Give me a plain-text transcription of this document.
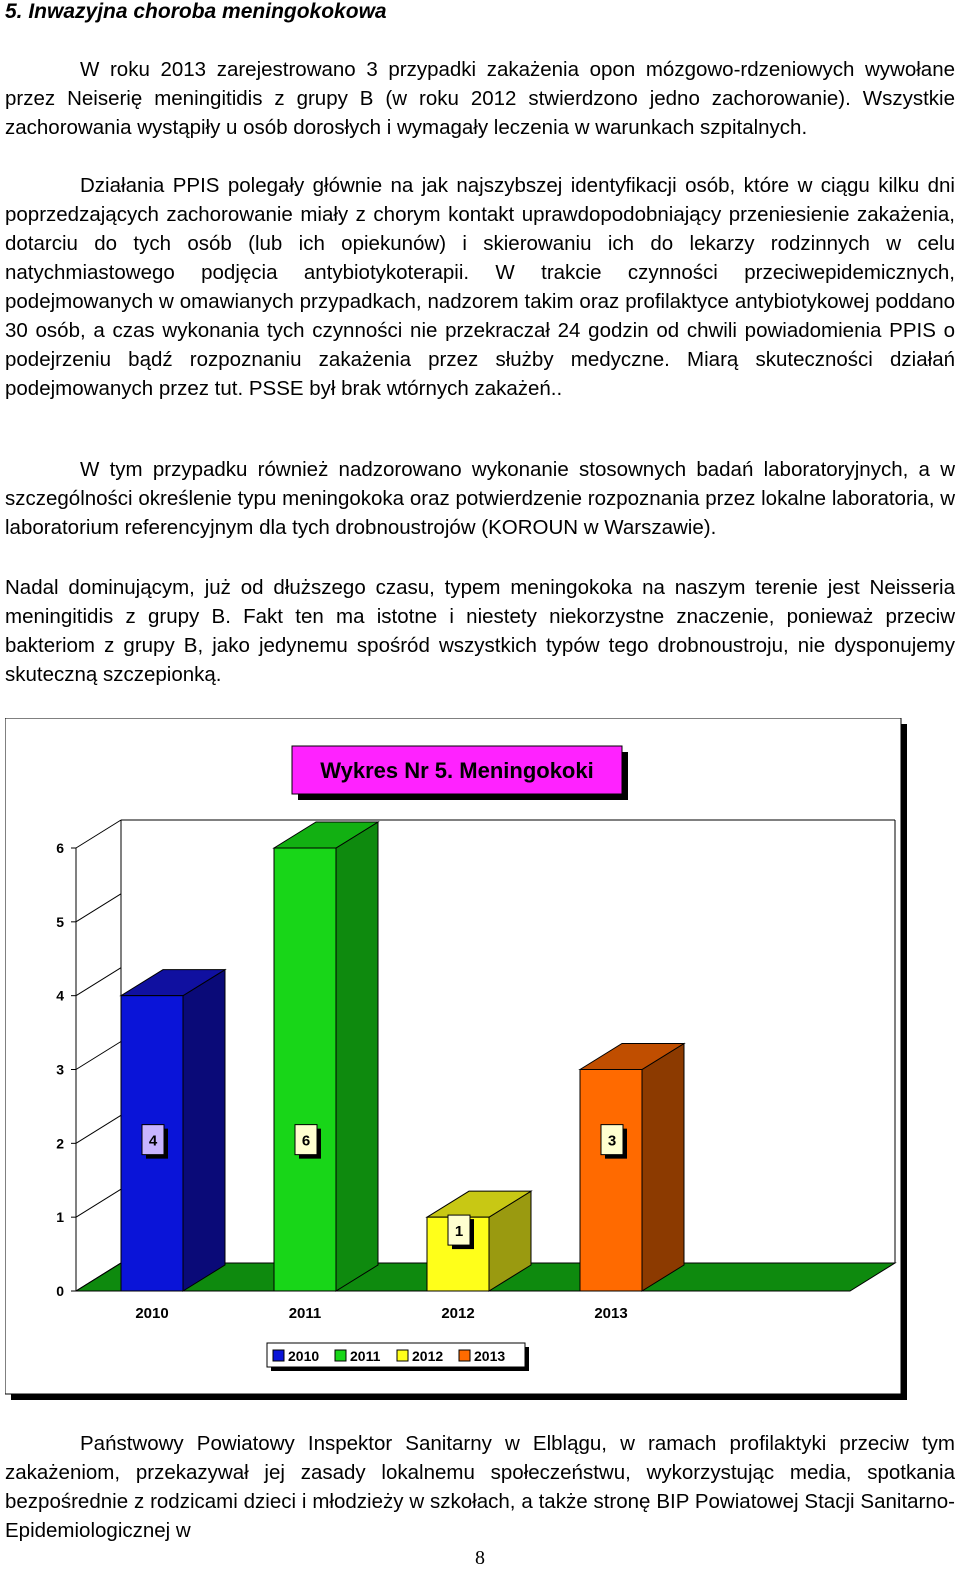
5. Inwazyjna choroba meningokokowa

W roku 2013 zarejestrowano 3 przypadki zakażenia opon mózgowo-rdzeniowych wywołane przez Neiserię meningitidis z grupy B (w roku 2012 stwierdzono jedno zachorowanie). Wszystkie zachorowania wystąpiły u osób dorosłych i wymagały leczenia w warunkach szpitalnych.

Działania PPIS polegały głównie na jak najszybszej identyfikacji osób, które w ciągu kilku dni poprzedzających zachorowanie miały z chorym kontakt uprawdopodobniający przeniesienie zakażenia, dotarciu do tych osób (lub ich opiekunów) i skierowaniu ich do lekarzy rodzinnych w celu natychmiastowego podjęcia antybiotykoterapii. W trakcie czynności przeciwepidemicznych, podejmowanych w omawianych przypadkach, nadzorem takim oraz profilaktyce antybiotykowej poddano 30 osób, a czas wykonania tych czynności nie przekraczał 24 godzin od chwili powiadomienia PPIS o podejrzeniu bądź rozpoznaniu zakażenia przez służby medyczne. Miarą skuteczności działań podejmowanych przez tut. PSSE był brak wtórnych zakażeń..

W tym przypadku również nadzorowano wykonanie stosownych badań laboratoryjnych, a w szczególności określenie typu meningokoka oraz potwierdzenie rozpoznania przez lokalne laboratoria, w laboratorium referencyjnym dla tych drobnoustrojów (KOROUN w Warszawie).

Nadal dominującym, już od dłuższego czasu, typem meningokoka na naszym terenie jest Neisseria meningitidis z grupy B. Fakt ten ma istotne i niestety niekorzystne znaczenie, ponieważ przeciw bakteriom z grupy B, jako jedynemu spośród wszystkich typów tego drobnoustroju, nie dysponujemy skuteczną szczepionką.

0
1
2
3
4
5
6
4
2010
6
2011
1
2012
3
2013
Wykres Nr 5. Meningokoki
2010 2011 2012 2013

Państwowy Powiatowy Inspektor Sanitarny w Elblągu, w ramach profilaktyki przeciw tym zakażeniom, przekazywał jej zasady lokalnemu społeczeństwu, wykorzystując media, spotkania bezpośrednie z rodzicami dzieci i młodzieży w szkołach, a także stronę BIP Powiatowej Stacji Sanitarno-Epidemiologicznej w

8
